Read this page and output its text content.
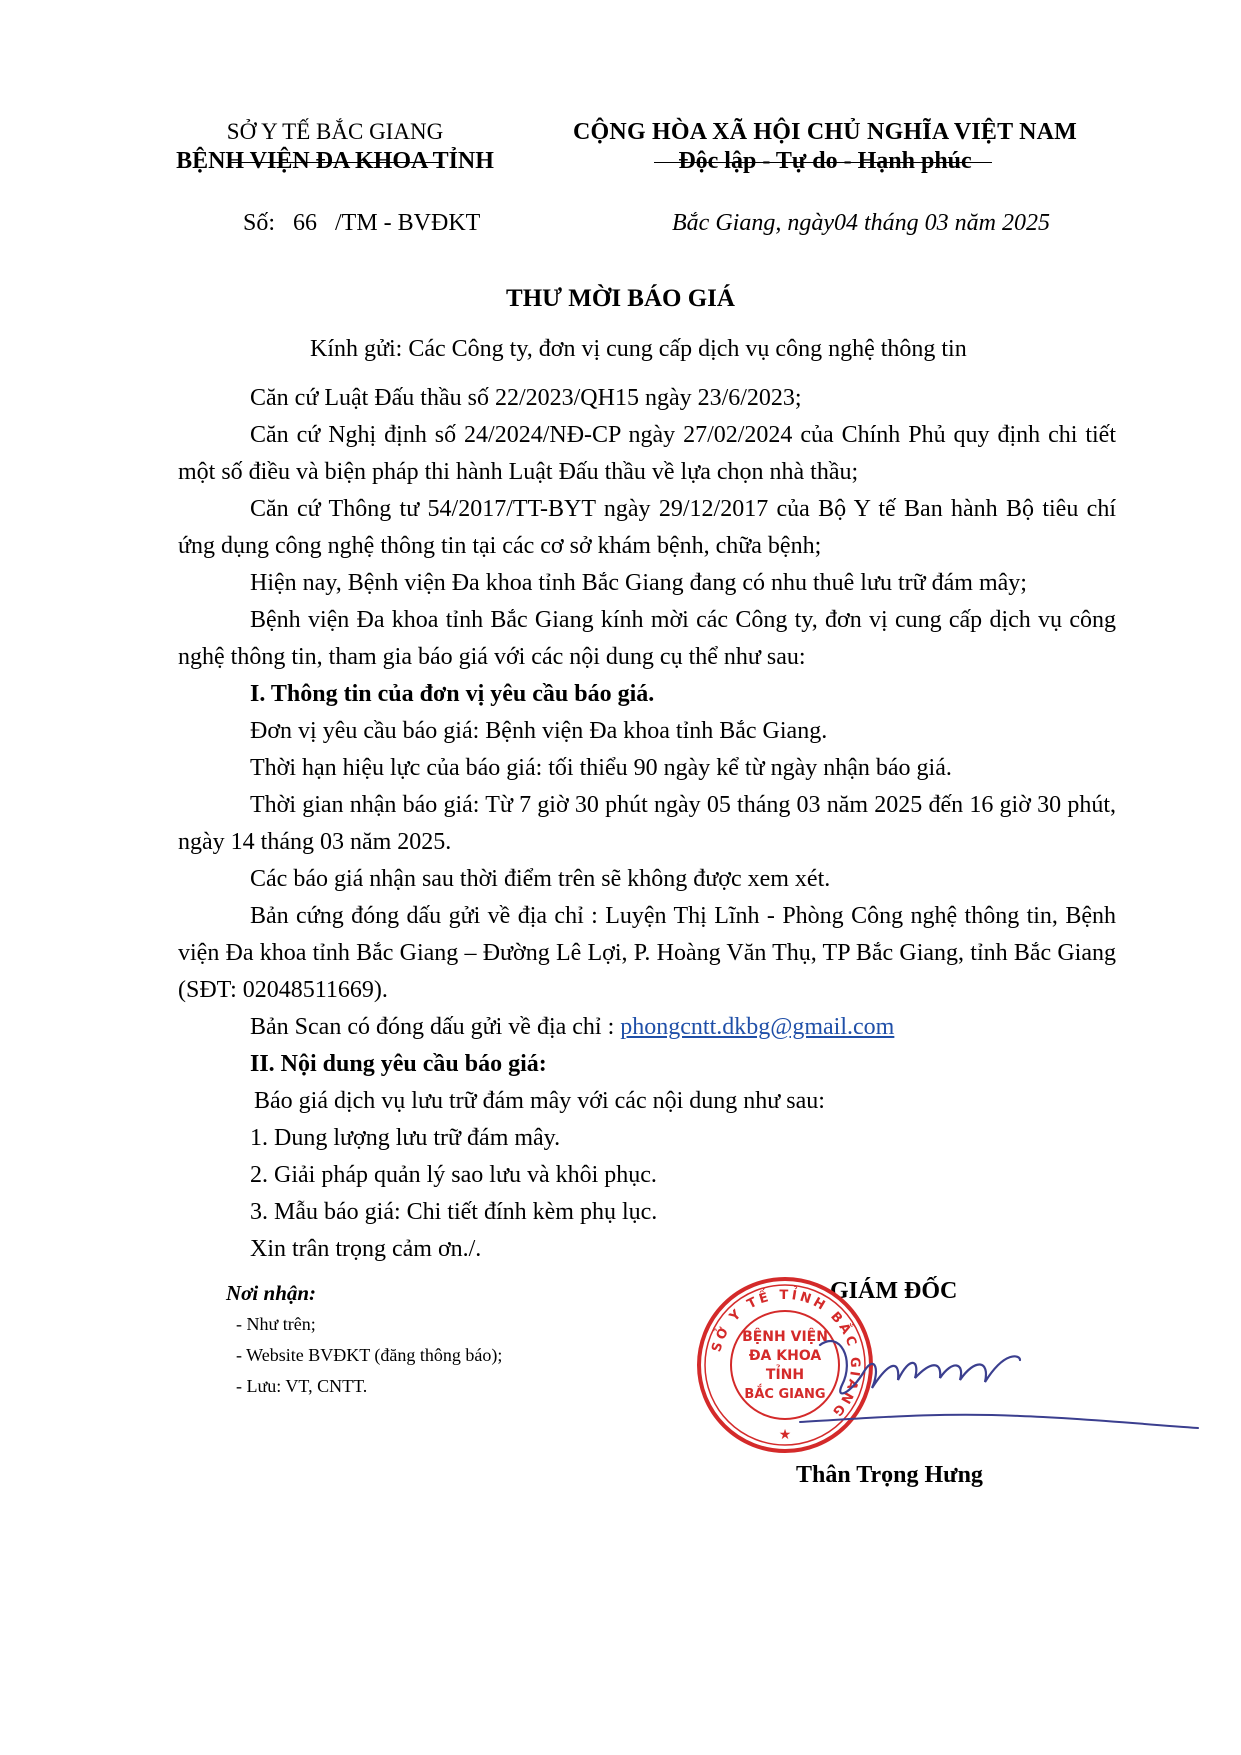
SỞ Y TẾ BẮC GIANG
BỆNH VIỆN ĐA KHOA TỈNH
CỘNG HÒA XÃ HỘI CHỦ NGHĨA VIỆT NAM
Độc lập - Tự do - Hạnh phúc
Số: 66 /TM - BVĐKT	Bắc Giang, ngày04 tháng 03 năm 2025
THƯ MỜI BÁO GIÁ
Kính gửi: Các Công ty, đơn vị cung cấp dịch vụ công nghệ thông tin

Căn cứ Luật Đấu thầu số 22/2023/QH15 ngày 23/6/2023;

Căn cứ Nghị định số 24/2024/NĐ-CP ngày 27/02/2024 của Chính Phủ quy định chi tiết một số điều và biện pháp thi hành Luật Đấu thầu về lựa chọn nhà thầu;

Căn cứ Thông tư 54/2017/TT-BYT ngày 29/12/2017 của Bộ Y tế Ban hành Bộ tiêu chí ứng dụng công nghệ thông tin tại các cơ sở khám bệnh, chữa bệnh;

Hiện nay, Bệnh viện Đa khoa tỉnh Bắc Giang đang có nhu thuê lưu trữ đám mây;

Bệnh viện Đa khoa tỉnh Bắc Giang kính mời các Công ty, đơn vị cung cấp dịch vụ công nghệ thông tin, tham gia báo giá với các nội dung cụ thể như sau:

I. Thông tin của đơn vị yêu cầu báo giá.

Đơn vị yêu cầu báo giá: Bệnh viện Đa khoa tỉnh Bắc Giang.

Thời hạn hiệu lực của báo giá: tối thiểu 90 ngày kể từ ngày nhận báo giá.

Thời gian nhận báo giá: Từ 7 giờ 30 phút ngày 05 tháng 03 năm 2025 đến 16 giờ 30 phút, ngày 14 tháng 03 năm 2025.

Các báo giá nhận sau thời điểm trên sẽ không được xem xét.

Bản cứng đóng dấu gửi về địa chỉ : Luyện Thị Lĩnh - Phòng Công nghệ thông tin, Bệnh viện Đa khoa tỉnh Bắc Giang – Đường Lê Lợi, P. Hoàng Văn Thụ, TP Bắc Giang, tỉnh Bắc Giang (SĐT: 02048511669).

Bản Scan có đóng dấu gửi về địa chỉ : phongcntt.dkbg@gmail.com

II. Nội dung yêu cầu báo giá:

Báo giá dịch vụ lưu trữ đám mây với các nội dung như sau:

1. Dung lượng lưu trữ đám mây.

2. Giải pháp quản lý sao lưu và khôi phục.

3. Mẫu báo giá: Chi tiết đính kèm phụ lục.

Xin trân trọng cảm ơn./.

Nơi nhận:
- Như trên;
- Website BVĐKT (đăng thông báo);
- Lưu: VT, CNTT.
GIÁM ĐỐC
SỞ Y TẾ TỈNH BẮC GIANG
BỆNH VIỆN
ĐA KHOA
TỈNH
BẮC GIANG
★
Thân Trọng Hưng
